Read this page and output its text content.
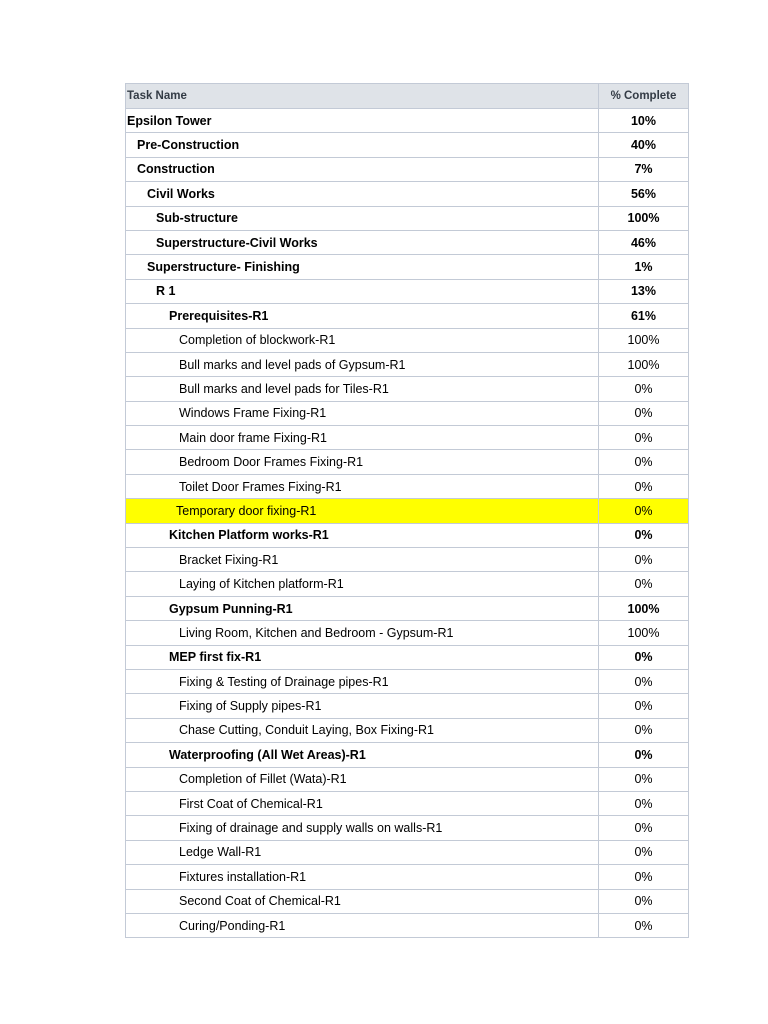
Task Name	% Complete
Epsilon Tower	10%
Pre-Construction	40%
Construction	7%
Civil Works	56%
Sub-structure	100%
Superstructure-Civil Works	46%
Superstructure- Finishing	1%
R 1	13%
Prerequisites-R1	61%
Completion of blockwork-R1	100%
Bull marks and level pads of Gypsum-R1	100%
Bull marks and level pads for Tiles-R1	0%
Windows Frame Fixing-R1	0%
Main door frame Fixing-R1	0%
Bedroom Door Frames Fixing-R1	0%
Toilet Door Frames Fixing-R1	0%
Temporary door fixing-R1	0%
Kitchen Platform works-R1	0%
Bracket Fixing-R1	0%
Laying of Kitchen platform-R1	0%
Gypsum Punning-R1	100%
Living Room, Kitchen and Bedroom - Gypsum-R1	100%
MEP first fix-R1	0%
Fixing & Testing of Drainage pipes-R1	0%
Fixing of Supply pipes-R1	0%
Chase Cutting, Conduit Laying, Box Fixing-R1	0%
Waterproofing (All Wet Areas)-R1	0%
Completion of Fillet (Wata)-R1	0%
First Coat of Chemical-R1	0%
Fixing of drainage and supply walls on walls-R1	0%
Ledge Wall-R1	0%
Fixtures installation-R1	0%
Second Coat of Chemical-R1	0%
Curing/Ponding-R1	0%
